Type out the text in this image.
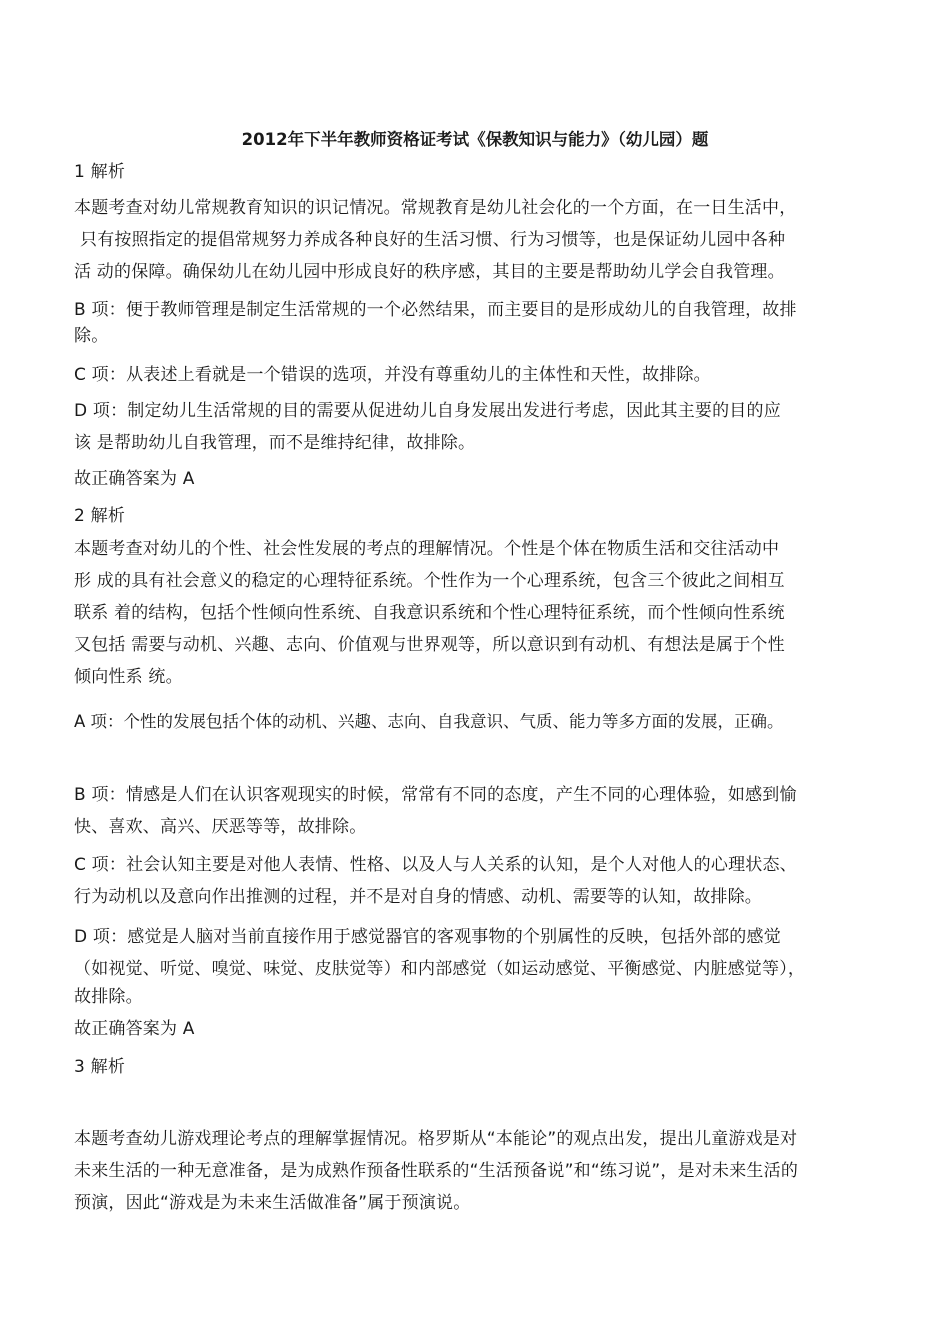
2012年下半年教师资格证考试《保教知识与能力》（幼儿园）题
1 解析
本题考查对幼儿常规教育知识的识记情况。常规教育是幼儿社会化的一个方面，在一日生活中，
只有按照指定的提倡常规努力养成各种良好的生活习惯、行为习惯等，也是保证幼儿园中各种
活 动的保障。确保幼儿在幼儿园中形成良好的秩序感，其目的主要是帮助幼儿学会自我管理。
B 项：便于教师管理是制定生活常规的一个必然结果，而主要目的是形成幼儿的自我管理，故排
除。
C 项：从表述上看就是一个错误的选项，并没有尊重幼儿的主体性和天性，故排除。
D 项：制定幼儿生活常规的目的需要从促进幼儿自身发展出发进行考虑，因此其主要的目的应
该 是帮助幼儿自我管理，而不是维持纪律，故排除。
故正确答案为 A
2 解析
本题考查对幼儿的个性、社会性发展的考点的理解情况。个性是个体在物质生活和交往活动中
形 成的具有社会意义的稳定的心理特征系统。个性作为一个心理系统，包含三个彼此之间相互
联系 着的结构，包括个性倾向性系统、自我意识系统和个性心理特征系统，而个性倾向性系统
又包括 需要与动机、兴趣、志向、价值观与世界观等，所以意识到有动机、有想法是属于个性
倾向性系 统。
A 项：个性的发展包括个体的动机、兴趣、志向、自我意识、气质、能力等多方面的发展，正确。
B 项：情感是人们在认识客观现实的时候，常常有不同的态度，产生不同的心理体验，如感到愉
快、喜欢、高兴、厌恶等等，故排除。
C 项：社会认知主要是对他人表情、性格、以及人与人关系的认知，是个人对他人的心理状态、
行为动机以及意向作出推测的过程，并不是对自身的情感、动机、需要等的认知，故排除。
D 项：感觉是人脑对当前直接作用于感觉器官的客观事物的个别属性的反映，包括外部的感觉
（如视觉、听觉、嗅觉、味觉、皮肤觉等）和内部感觉（如运动感觉、平衡感觉、内脏感觉等），
故排除。
故正确答案为 A
3 解析
本题考查幼儿游戏理论考点的理解掌握情况。格罗斯从“本能论”的观点出发，提出儿童游戏是对
未来生活的一种无意准备，是为成熟作预备性联系的“生活预备说”和“练习说”，是对未来生活的
预演，因此“游戏是为未来生活做准备”属于预演说。
